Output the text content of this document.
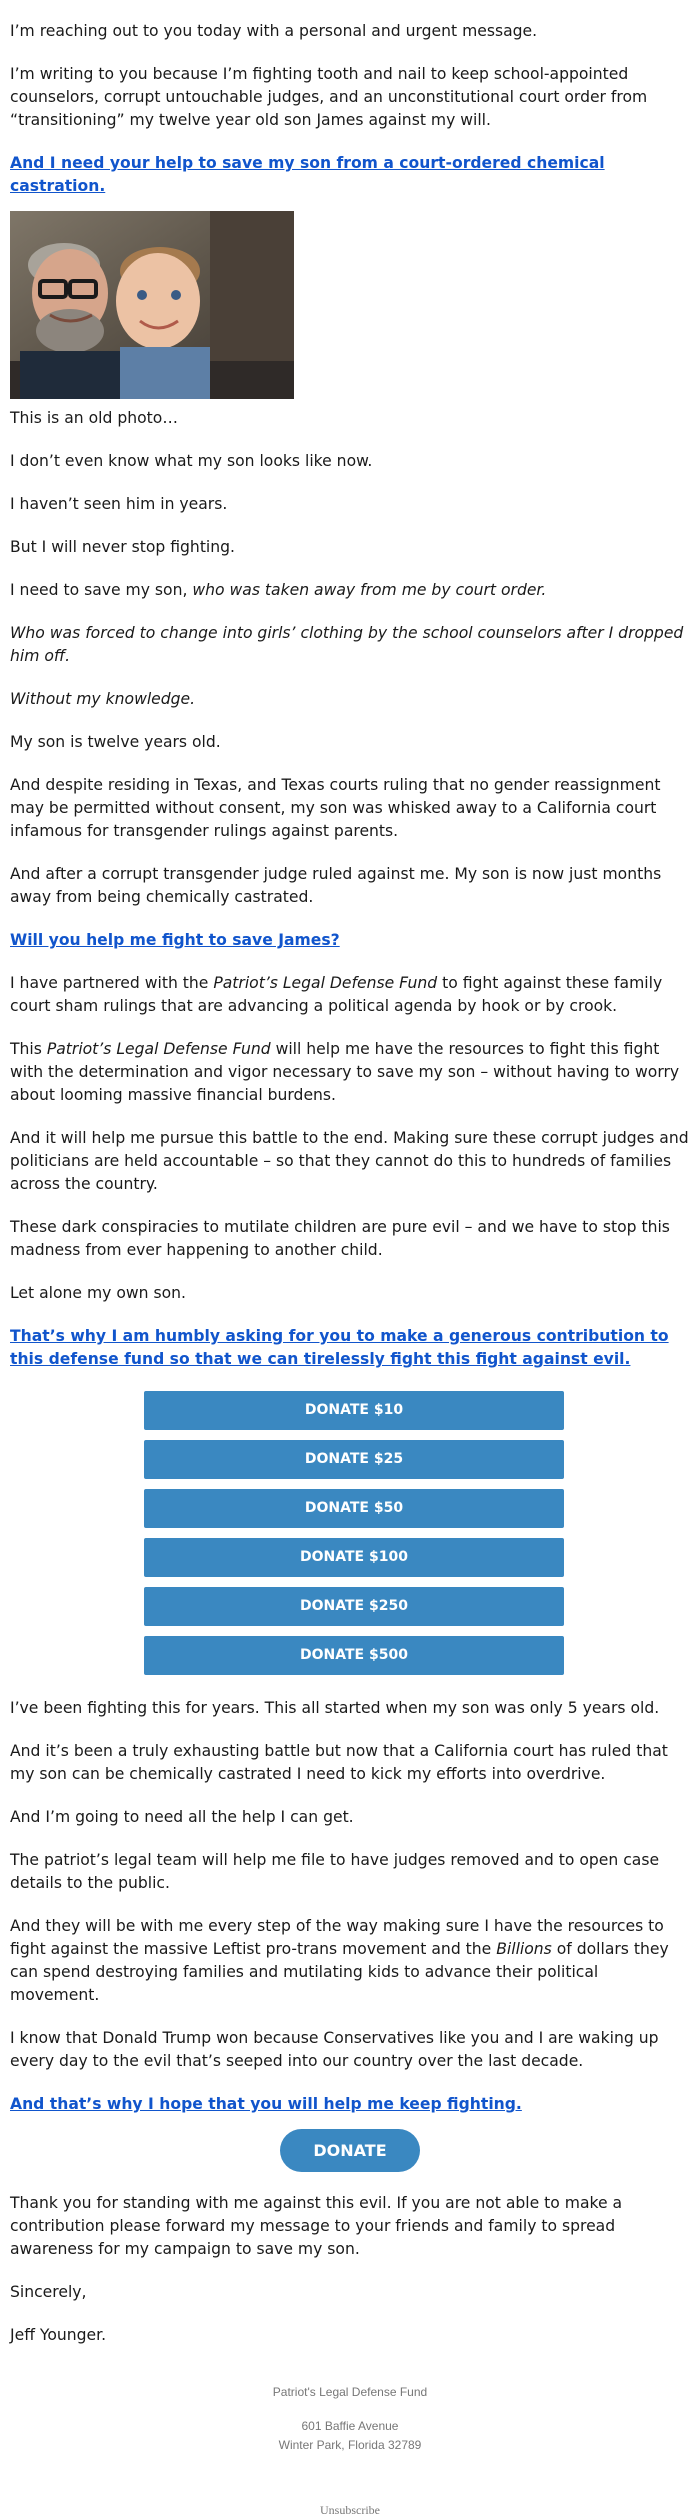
I’m reaching out to you today with a personal and urgent message.

I’m writing to you because I’m fighting tooth and nail to keep school-appointed counselors, corrupt untouchable judges, and an unconstitutional court order from “transitioning” my twelve year old son James against my will.

And I need your help to save my son from a court-ordered chemical castration.

This is an old photo…

I don’t even know what my son looks like now.

I haven’t seen him in years.

But I will never stop fighting.

I need to save my son, who was taken away from me by court order.

Who was forced to change into girls’ clothing by the school counselors after I dropped him off.

Without my knowledge.

My son is twelve years old.

And despite residing in Texas, and Texas courts ruling that no gender reassignment may be permitted without consent, my son was whisked away to a California court infamous for transgender rulings against parents.

And after a corrupt transgender judge ruled against me. My son is now just months away from being chemically castrated.

Will you help me fight to save James?

I have partnered with the Patriot’s Legal Defense Fund to fight against these family court sham rulings that are advancing a political agenda by hook or by crook.

This Patriot’s Legal Defense Fund will help me have the resources to fight this fight with the determination and vigor necessary to save my son – without having to worry about looming massive financial burdens.

And it will help me pursue this battle to the end. Making sure these corrupt judges and politicians are held accountable – so that they cannot do this to hundreds of families across the country.

These dark conspiracies to mutilate children are pure evil – and we have to stop this madness from ever happening to another child.

Let alone my own son.

That’s why I am humbly asking for you to make a generous contribution to this defense fund so that we can tirelessly fight this fight against evil.

DONATE $10
DONATE $25
DONATE $50
DONATE $100
DONATE $250
DONATE $500

I’ve been fighting this for years. This all started when my son was only 5 years old.

And it’s been a truly exhausting battle but now that a California court has ruled that my son can be chemically castrated I need to kick my efforts into overdrive.

And I’m going to need all the help I can get.

The patriot’s legal team will help me file to have judges removed and to open case details to the public.

And they will be with me every step of the way making sure I have the resources to fight against the massive Leftist pro-trans movement and the Billions of dollars they can spend destroying families and mutilating kids to advance their political movement.

I know that Donald Trump won because Conservatives like you and I are waking up every day to the evil that’s seeped into our country over the last decade.

And that’s why I hope that you will help me keep fighting.

DONATE

Thank you for standing with me against this evil. If you are not able to make a contribution please forward my message to your friends and family to spread awareness for my campaign to save my son.

Sincerely,

Jeff Younger.

Patriot's Legal Defense Fund
601 Baffie Avenue
Winter Park, Florida 32789
Unsubscribe
